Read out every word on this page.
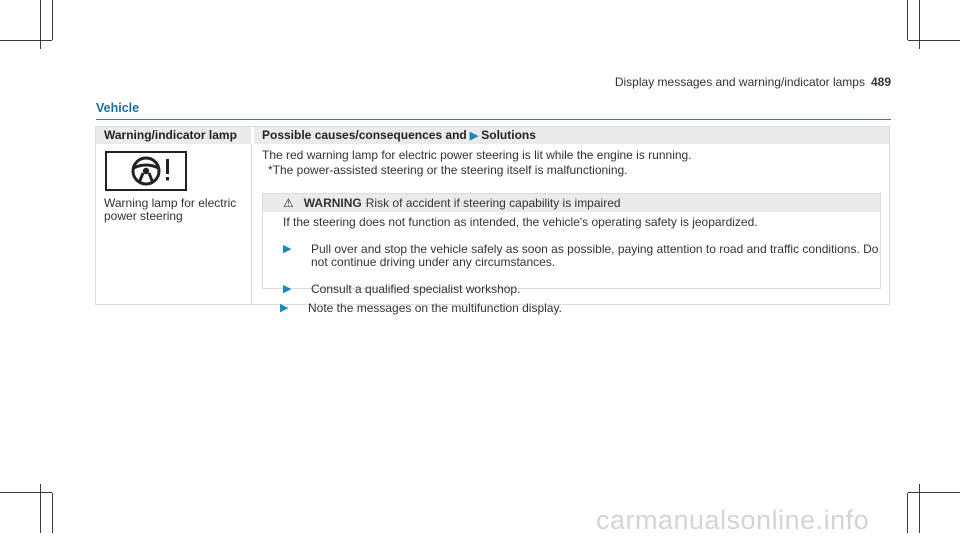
Display messages and warning/indicator lamps 489
Vehicle
Warning/indicator lamp	Possible causes/consequences and ▶ Solutions
Warning lamp for electric power steering

The red warning lamp for electric power steering is lit while the engine is running.

*The power-assisted steering or the steering itself is malfunctioning.

⚠ WARNING Risk of accident if steering capability is impaired
If the steering does not function as intended, the vehicle's operating safety is jeopardized.
▶ Pull over and stop the vehicle safely as soon as possible, paying attention to road and traffic conditions. Do not continue driving under any circumstances.
▶ Consult a qualified specialist workshop.
▶ Note the messages on the multifunction display.
carmanualsonline.info
